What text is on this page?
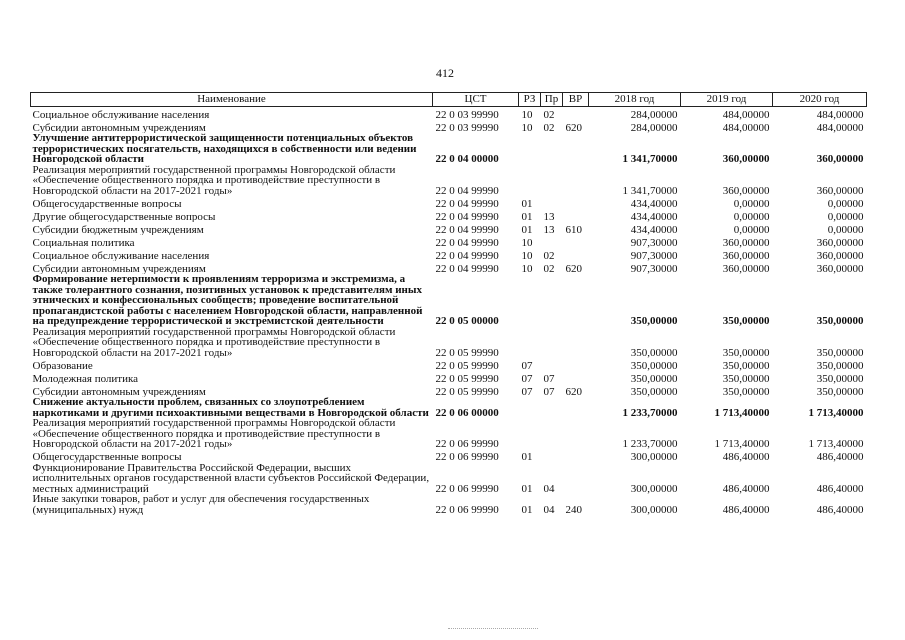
412
Наименование	ЦСТ	РЗ	Пр	ВР	2018 год	2019 год	2020 год
Социальное обслуживание населения	22 0 03 99990	10	02		284,00000	484,00000	484,00000
Субсидии автономным учреждениям	22 0 03 99990	10	02	620	284,00000	484,00000	484,00000
Улучшение антитеррористической защищенности потенциальных объектов террористических посягательств, находящихся в собственности или ведении Новгородской области	22 0 04 00000				1 341,70000	360,00000	360,00000
Реализация мероприятий государственной программы Новгородской области «Обеспечение общественного порядка и противодействие преступности в Новгородской области на 2017-2021 годы»	22 0 04 99990				1 341,70000	360,00000	360,00000
Общегосударственные вопросы	22 0 04 99990	01			434,40000	0,00000	0,00000
Другие общегосударственные вопросы	22 0 04 99990	01	13		434,40000	0,00000	0,00000
Субсидии бюджетным учреждениям	22 0 04 99990	01	13	610	434,40000	0,00000	0,00000
Социальная политика	22 0 04 99990	10			907,30000	360,00000	360,00000
Социальное обслуживание населения	22 0 04 99990	10	02		907,30000	360,00000	360,00000
Субсидии автономным учреждениям	22 0 04 99990	10	02	620	907,30000	360,00000	360,00000
Формирование нетерпимости к проявлениям терроризма и экстремизма, а также толерантного сознания, позитивных установок к представителям иных этнических и конфессиональных сообществ; проведение воспитательной пропагандистской работы с населением Новгородской области, направленной на предупреждение террористической и экстремистской деятельности	22 0 05 00000				350,00000	350,00000	350,00000
Реализация мероприятий государственной программы Новгородской области «Обеспечение общественного порядка и противодействие преступности в Новгородской области на 2017-2021 годы»	22 0 05 99990				350,00000	350,00000	350,00000
Образование	22 0 05 99990	07			350,00000	350,00000	350,00000
Молодежная политика	22 0 05 99990	07	07		350,00000	350,00000	350,00000
Субсидии автономным учреждениям	22 0 05 99990	07	07	620	350,00000	350,00000	350,00000
Снижение актуальности проблем, связанных со злоупотреблением наркотиками и другими психоактивными веществами в Новгородской области	22 0 06 00000				1 233,70000	1 713,40000	1 713,40000
Реализация мероприятий государственной программы Новгородской области «Обеспечение общественного порядка и противодействие преступности в Новгородской области на 2017-2021 годы»	22 0 06 99990				1 233,70000	1 713,40000	1 713,40000
Общегосударственные вопросы	22 0 06 99990	01			300,00000	486,40000	486,40000
Функционирование Правительства Российской Федерации, высших исполнительных органов государственной власти субъектов Российской Федерации, местных администраций	22 0 06 99990	01	04		300,00000	486,40000	486,40000
Иные закупки товаров, работ и услуг для обеспечения государственных (муниципальных) нужд	22 0 06 99990	01	04	240	300,00000	486,40000	486,40000
